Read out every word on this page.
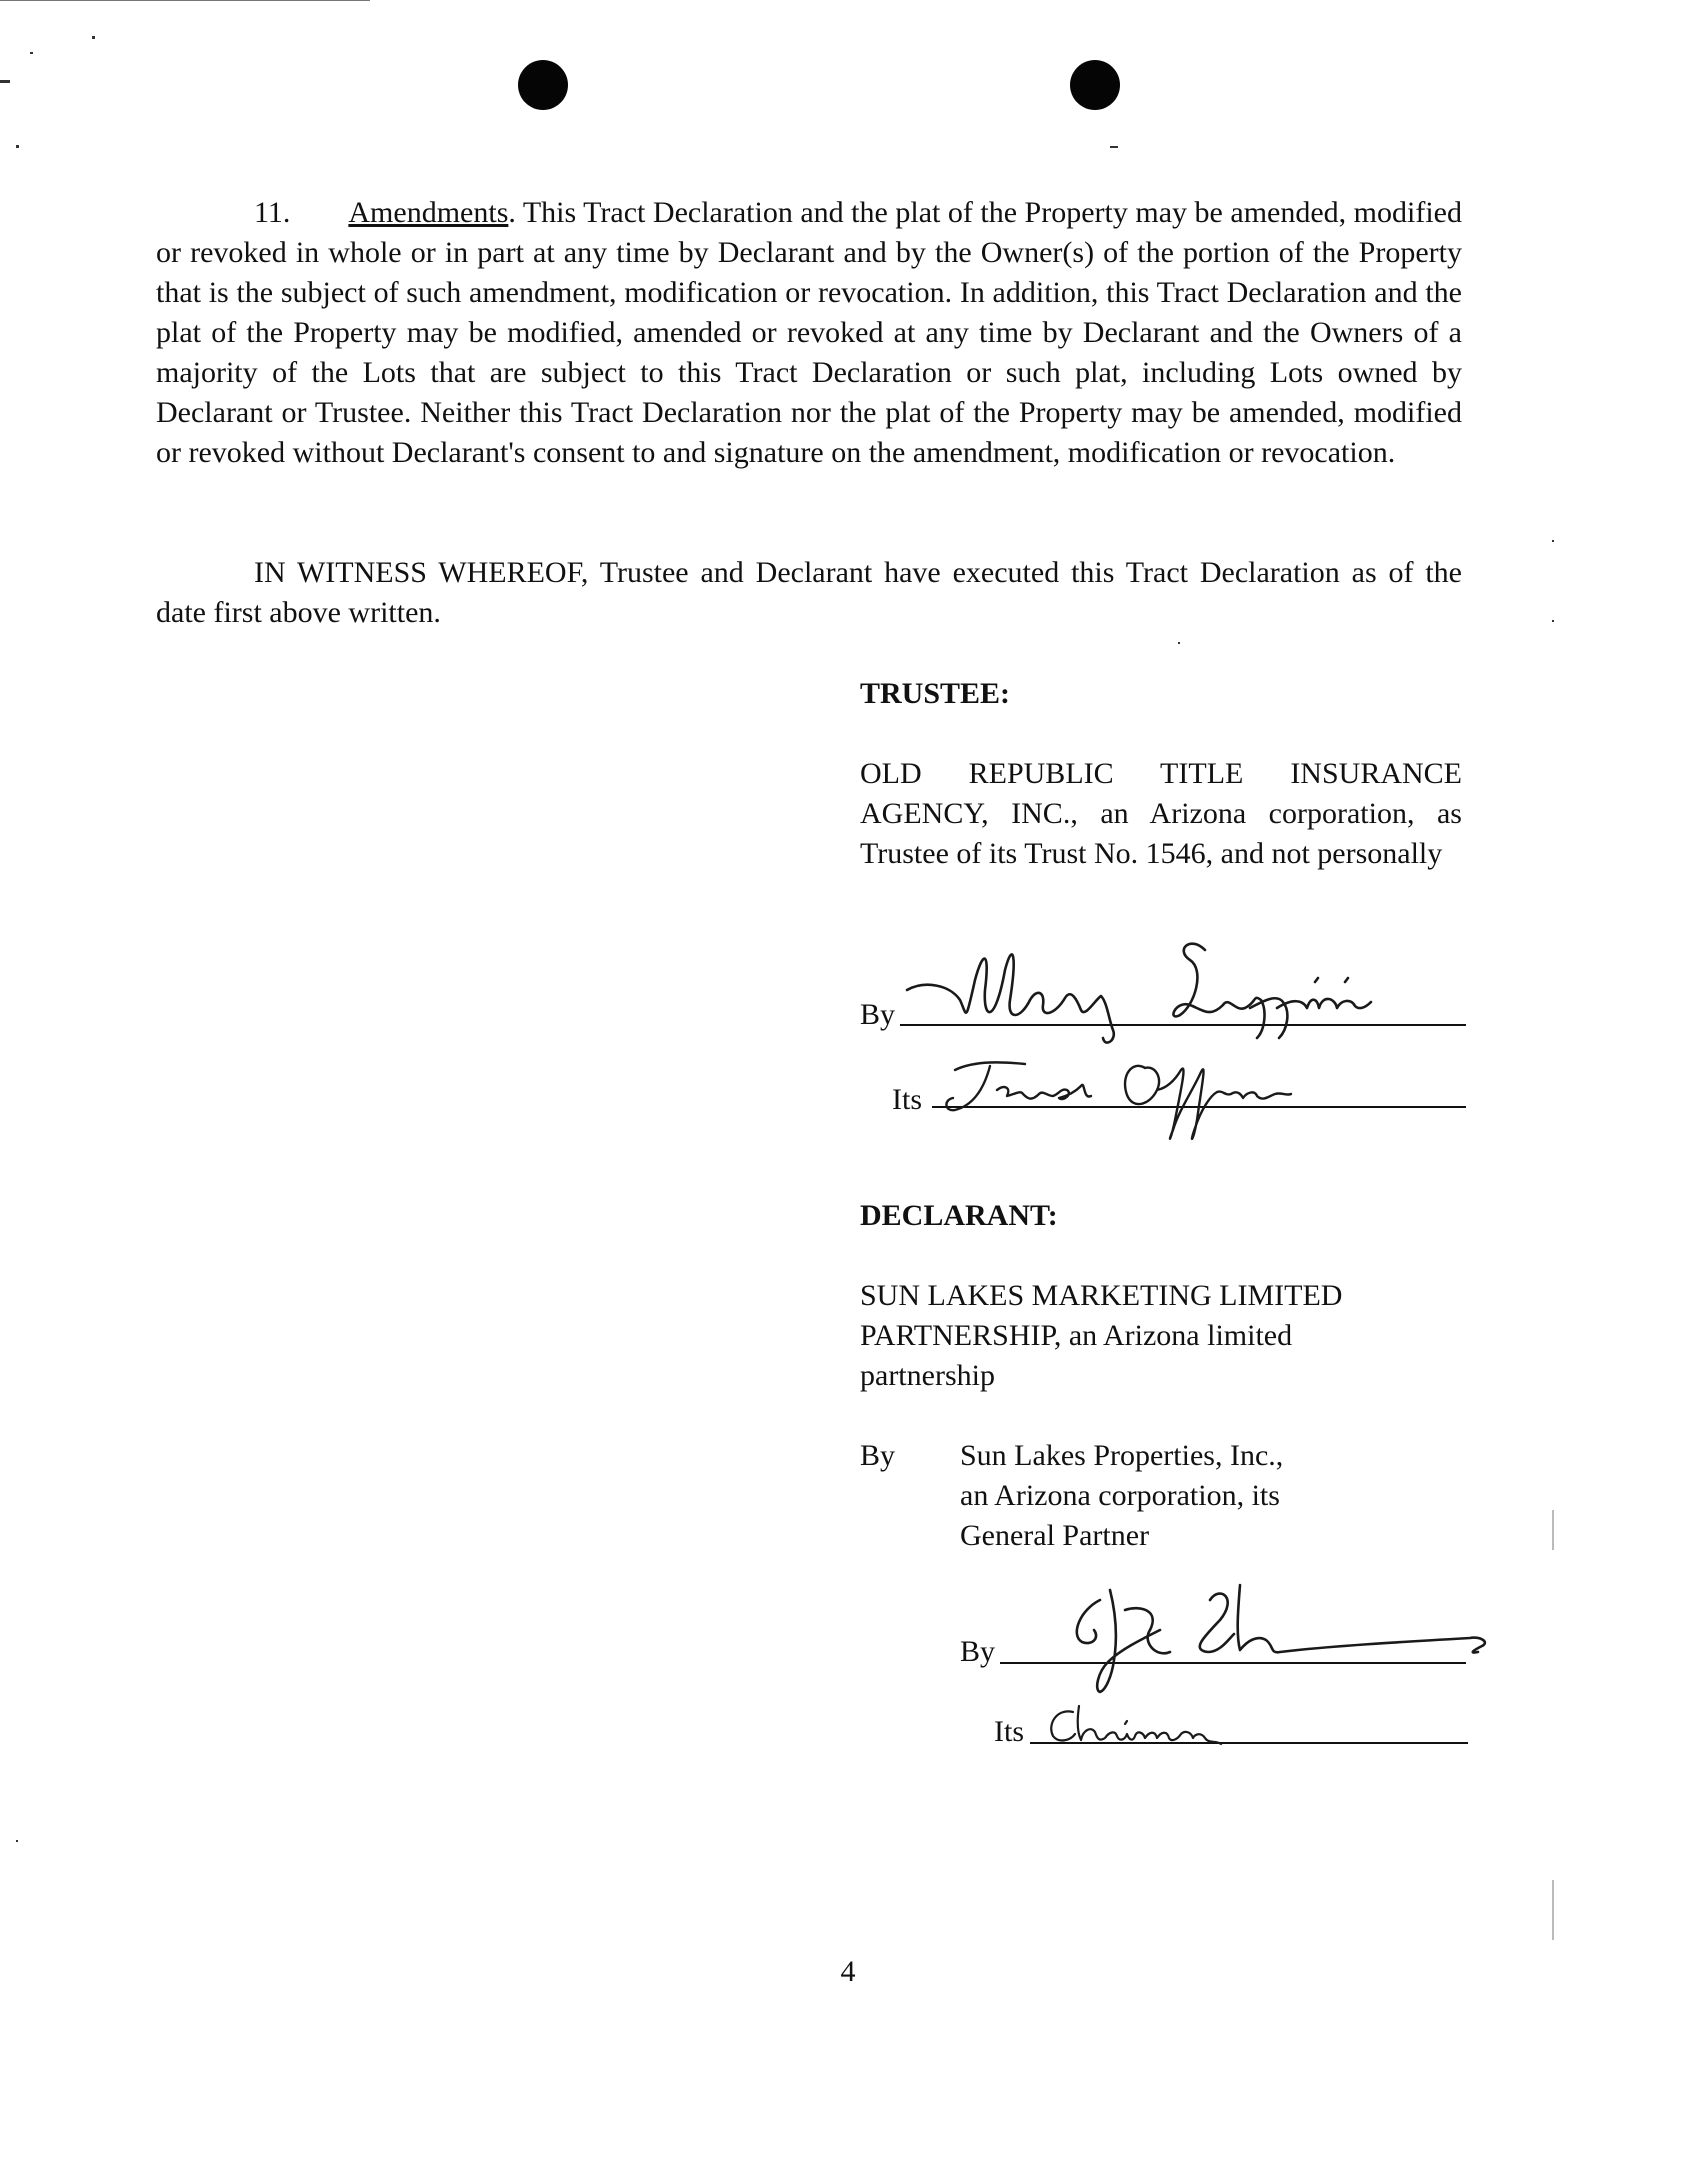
11. Amendments. This Tract Declaration and the plat of the Property may be amended, modified or revoked in whole or in part at any time by Declarant and by the Owner(s) of the portion of the Property that is the subject of such amendment, modification or revocation. In addition, this Tract Declaration and the plat of the Property may be modified, amended or revoked at any time by Declarant and the Owners of a majority of the Lots that are subject to this Tract Declaration or such plat, including Lots owned by Declarant or Trustee. Neither this Tract Declaration nor the plat of the Property may be amended, modified or revoked without Declarant's consent to and signature on the amendment, modification or revocation.
IN WITNESS WHEREOF, Trustee and Declarant have executed this Tract Declaration as of the date first above written.
TRUSTEE:
OLD REPUBLIC TITLE INSURANCE AGENCY, INC., an Arizona corporation, as Trustee of its Trust No. 1546, and not personally
By
Its
DECLARANT:
SUN LAKES MARKETING LIMITED PARTNERSHIP, an Arizona limited partnership
By Sun Lakes Properties, Inc.,
an Arizona corporation, its
General Partner
By
Its
4
